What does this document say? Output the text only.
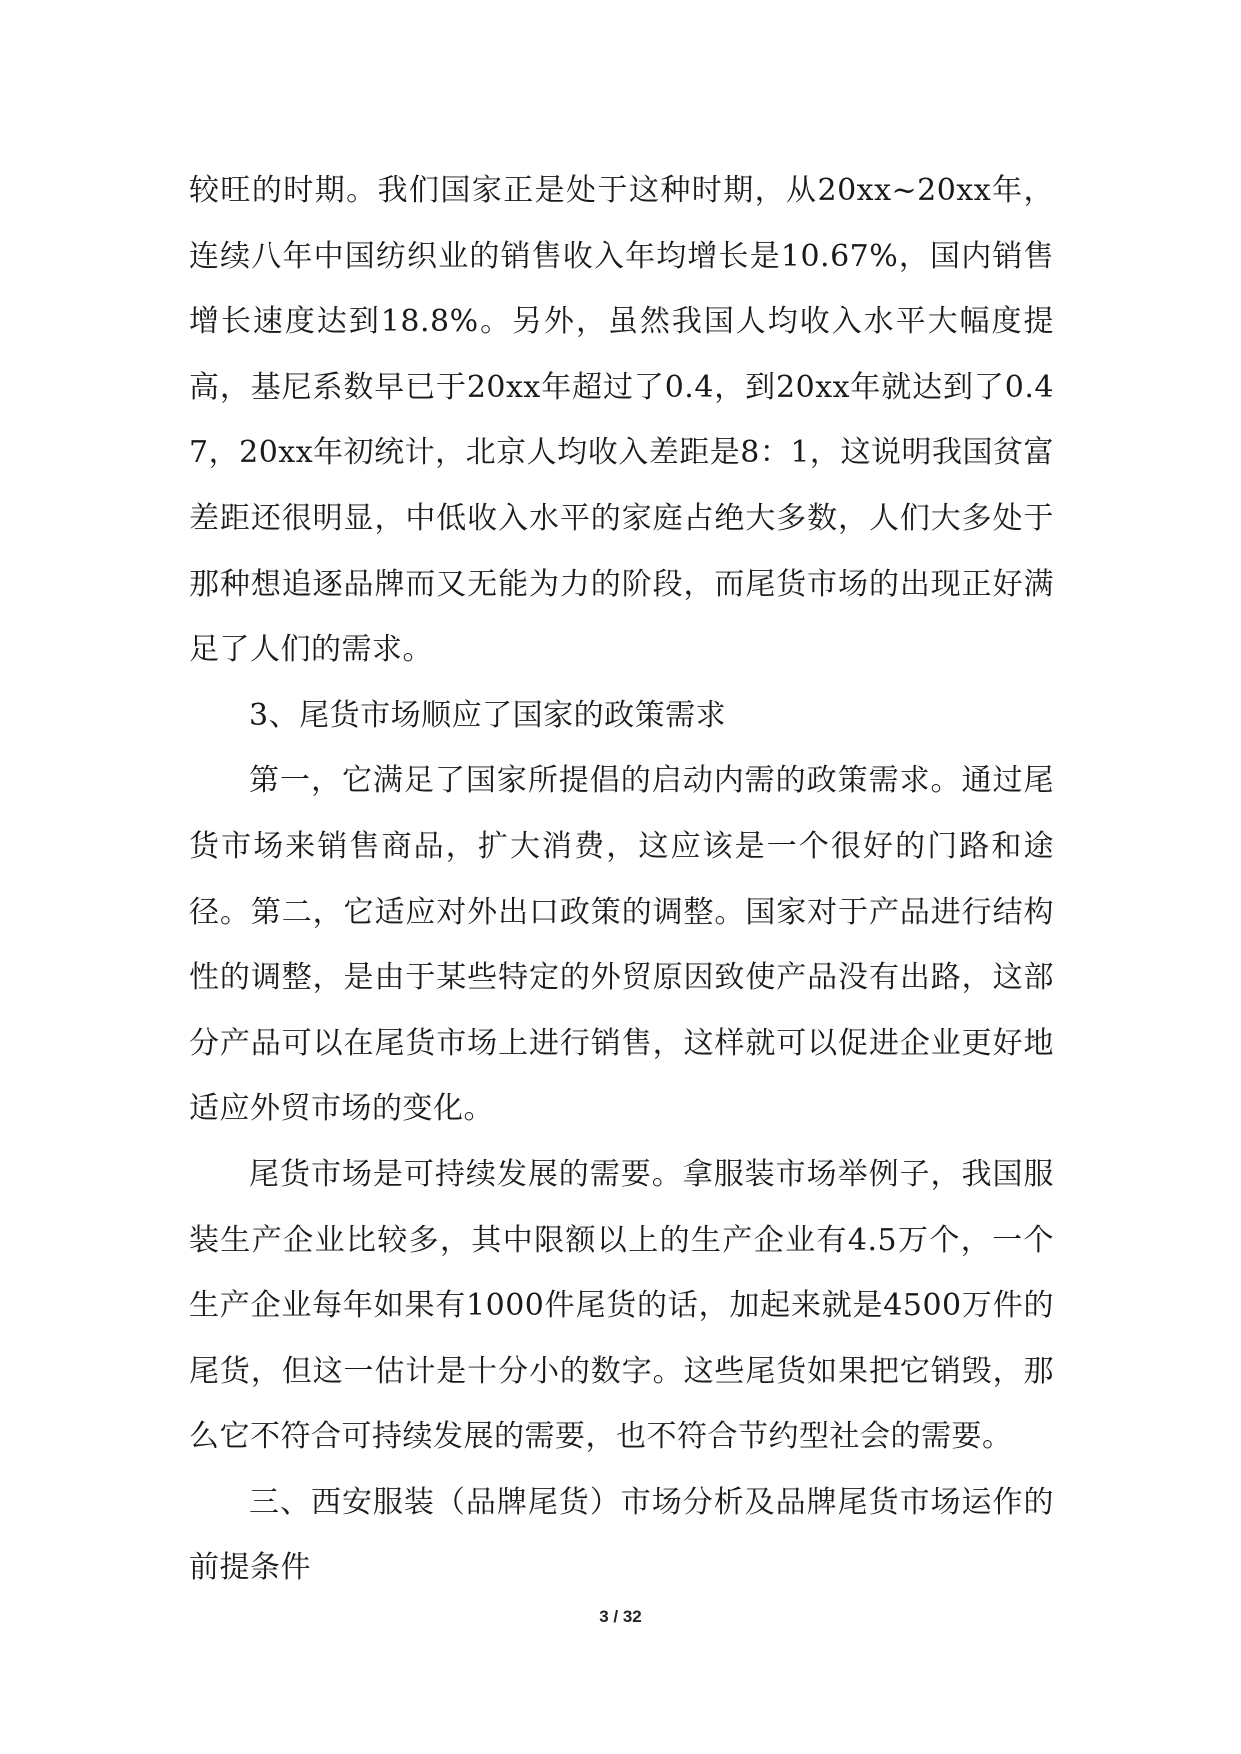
较旺的时期。我们国家正是处于这种时期，从20xx~20xx年，连续八年中国纺织业的销售收入年均增长是10.67%，国内销售增长速度达到18.8%。另外，虽然我国人均收入水平大幅度提高，基尼系数早已于20xx年超过了0.4，到20xx年就达到了0.47，20xx年初统计，北京人均收入差距是8：1，这说明我国贫富差距还很明显，中低收入水平的家庭占绝大多数，人们大多处于那种想追逐品牌而又无能为力的阶段，而尾货市场的出现正好满足了人们的需求。

3、尾货市场顺应了国家的政策需求

第一，它满足了国家所提倡的启动内需的政策需求。通过尾货市场来销售商品，扩大消费，这应该是一个很好的门路和途径。第二，它适应对外出口政策的调整。国家对于产品进行结构性的调整，是由于某些特定的外贸原因致使产品没有出路，这部分产品可以在尾货市场上进行销售，这样就可以促进企业更好地适应外贸市场的变化。

尾货市场是可持续发展的需要。拿服装市场举例子，我国服装生产企业比较多，其中限额以上的生产企业有4.5万个，一个生产企业每年如果有1000件尾货的话，加起来就是4500万件的尾货，但这一估计是十分小的数字。这些尾货如果把它销毁，那么它不符合可持续发展的需要，也不符合节约型社会的需要。

三、西安服装（品牌尾货）市场分析及品牌尾货市场运作的前提条件

3 / 32
